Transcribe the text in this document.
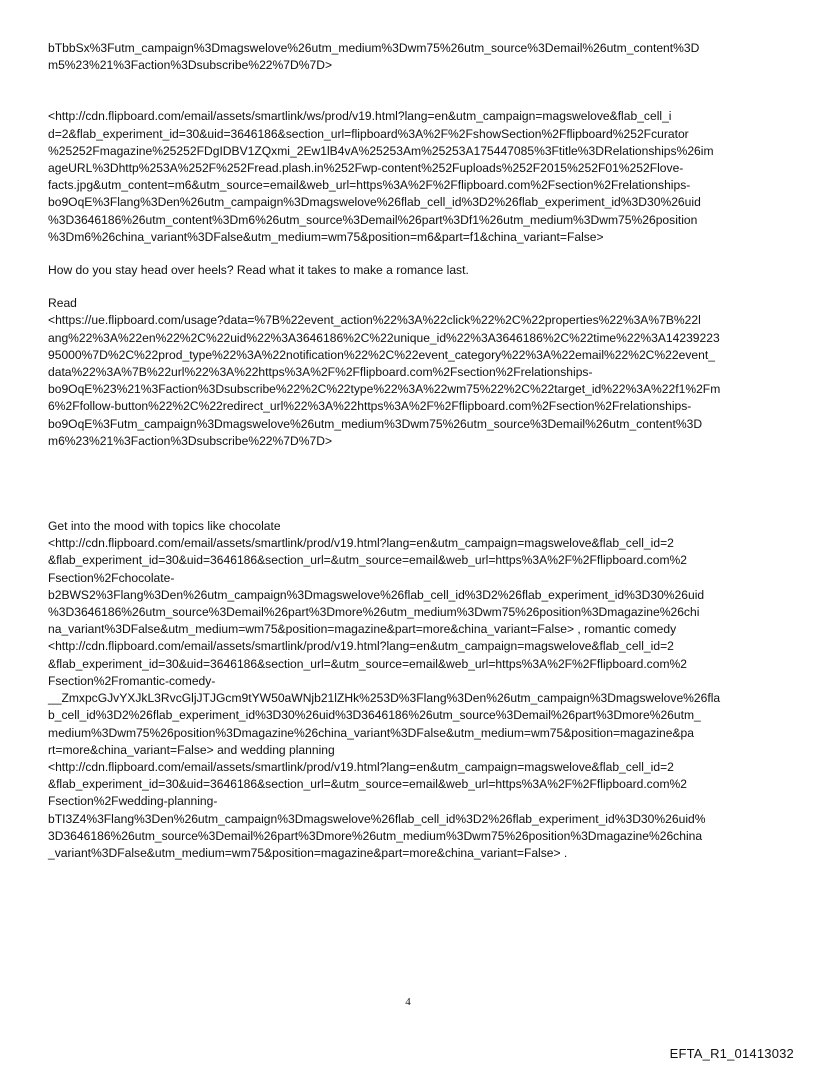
bTbbSx%3Futm_campaign%3Dmagswelove%26utm_medium%3Dwm75%26utm_source%3Demail%26utm_content%3D
m5%23%21%3Faction%3Dsubscribe%22%7D%7D>

<http://cdn.flipboard.com/email/assets/smartlink/ws/prod/v19.html?lang=en&utm_campaign=magswelove&flab_cell_i
d=2&flab_experiment_id=30&uid=3646186&section_url=flipboard%3A%2F%2FshowSection%2Fflipboard%252Fcurator
%25252Fmagazine%25252FDgIDBV1ZQxmi_2Ew1lB4vA%25253Am%25253A175447085%3Ftitle%3DRelationships%26im
ageURL%3Dhttp%253A%252F%252Fread.plash.in%252Fwp-content%252Fuploads%252F2015%252F01%252Flove-
facts.jpg&utm_content=m6&utm_source=email&web_url=https%3A%2F%2Fflipboard.com%2Fsection%2Frelationships-
bo9OqE%3Flang%3Den%26utm_campaign%3Dmagswelove%26flab_cell_id%3D2%26flab_experiment_id%3D30%26uid
%3D3646186%26utm_content%3Dm6%26utm_source%3Demail%26part%3Df1%26utm_medium%3Dwm75%26position
%3Dm6%26china_variant%3DFalse&utm_medium=wm75&position=m6&part=f1&china_variant=False>

How do you stay head over heels? Read what it takes to make a romance last.

Read
<https://ue.flipboard.com/usage?data=%7B%22event_action%22%3A%22click%22%2C%22properties%22%3A%7B%22l
ang%22%3A%22en%22%2C%22uid%22%3A3646186%2C%22unique_id%22%3A3646186%2C%22time%22%3A14239223
95000%7D%2C%22prod_type%22%3A%22notification%22%2C%22event_category%22%3A%22email%22%2C%22event_
data%22%3A%7B%22url%22%3A%22https%3A%2F%2Fflipboard.com%2Fsection%2Frelationships-
bo9OqE%23%21%3Faction%3Dsubscribe%22%2C%22type%22%3A%22wm75%22%2C%22target_id%22%3A%22f1%2Fm
6%2Ffollow-button%22%2C%22redirect_url%22%3A%22https%3A%2F%2Fflipboard.com%2Fsection%2Frelationships-
bo9OqE%3Futm_campaign%3Dmagswelove%26utm_medium%3Dwm75%26utm_source%3Demail%26utm_content%3D
m6%23%21%3Faction%3Dsubscribe%22%7D%7D>

Get into the mood with topics like chocolate
<http://cdn.flipboard.com/email/assets/smartlink/prod/v19.html?lang=en&utm_campaign=magswelove&flab_cell_id=2
&flab_experiment_id=30&uid=3646186&section_url=&utm_source=email&web_url=https%3A%2F%2Fflipboard.com%2
Fsection%2Fchocolate-
b2BWS2%3Flang%3Den%26utm_campaign%3Dmagswelove%26flab_cell_id%3D2%26flab_experiment_id%3D30%26uid
%3D3646186%26utm_source%3Demail%26part%3Dmore%26utm_medium%3Dwm75%26position%3Dmagazine%26chi
na_variant%3DFalse&utm_medium=wm75&position=magazine&part=more&china_variant=False> , romantic comedy
<http://cdn.flipboard.com/email/assets/smartlink/prod/v19.html?lang=en&utm_campaign=magswelove&flab_cell_id=2
&flab_experiment_id=30&uid=3646186&section_url=&utm_source=email&web_url=https%3A%2F%2Fflipboard.com%2
Fsection%2Fromantic-comedy-
__ZmxpcGJvYXJkL3RvcGljJTJGcm9tYW50aWNjb21lZHk%253D%3Flang%3Den%26utm_campaign%3Dmagswelove%26fla
b_cell_id%3D2%26flab_experiment_id%3D30%26uid%3D3646186%26utm_source%3Demail%26part%3Dmore%26utm_
medium%3Dwm75%26position%3Dmagazine%26china_variant%3DFalse&utm_medium=wm75&position=magazine&pa
rt=more&china_variant=False> and wedding planning
<http://cdn.flipboard.com/email/assets/smartlink/prod/v19.html?lang=en&utm_campaign=magswelove&flab_cell_id=2
&flab_experiment_id=30&uid=3646186&section_url=&utm_source=email&web_url=https%3A%2F%2Fflipboard.com%2
Fsection%2Fwedding-planning-
bTI3Z4%3Flang%3Den%26utm_campaign%3Dmagswelove%26flab_cell_id%3D2%26flab_experiment_id%3D30%26uid%
3D3646186%26utm_source%3Demail%26part%3Dmore%26utm_medium%3Dwm75%26position%3Dmagazine%26china
_variant%3DFalse&utm_medium=wm75&position=magazine&part=more&china_variant=False> .

4
EFTA_R1_01413032
